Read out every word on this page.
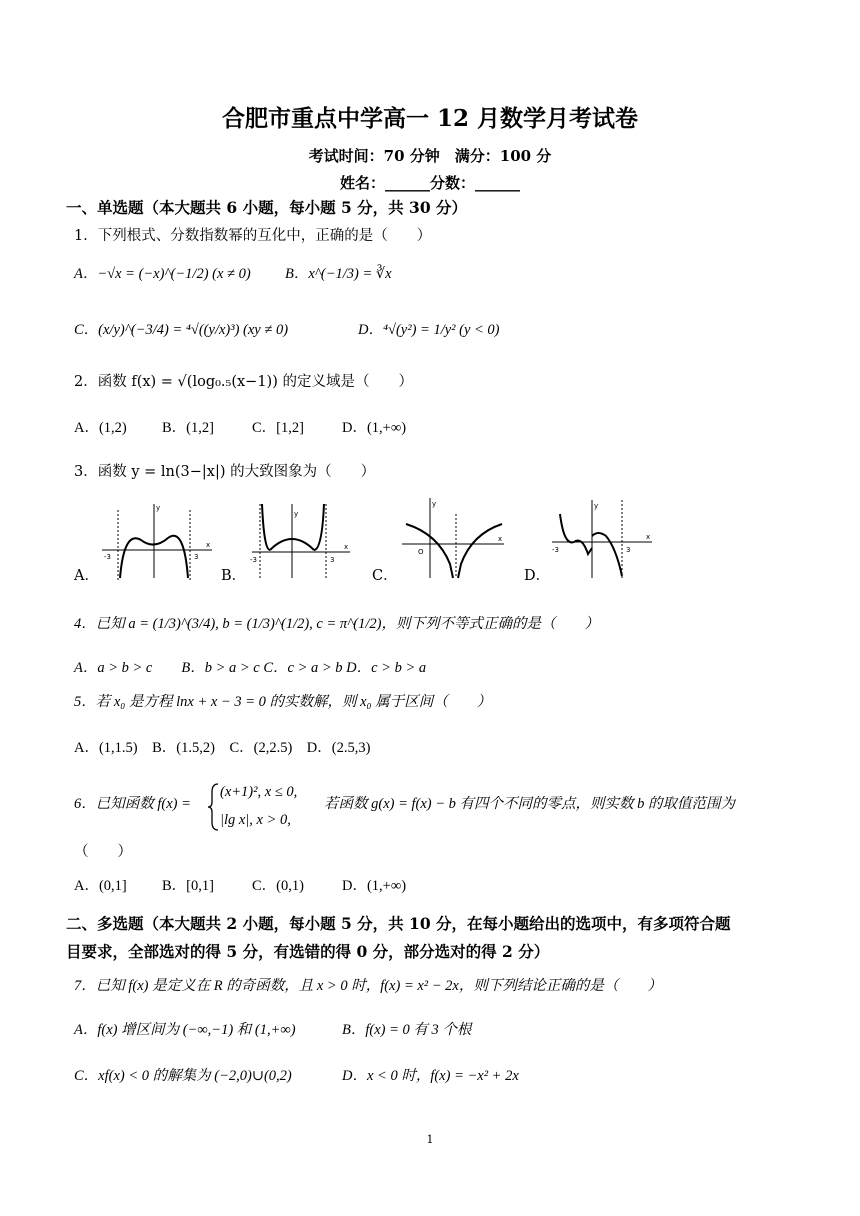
合肥市重点中学高一 12 月数学月考试卷
考试时间：70 分钟　满分：100 分
姓名：______分数：______
一、单选题（本大题共 6 小题，每小题 5 分，共 30 分）
1．下列根式、分数指数幂的互化中，正确的是（　　）
A．−√x = (−x)^(−1/2) (x ≠ 0) B．x^(−1/3) = ∛x
C．(x/y)^(−3/4) = ⁴√((y/x)³) (xy ≠ 0)	D．⁴√(y²) = 1/y² (y < 0)
2．函数 f(x) = √(log₀.₅(x−1)) 的定义域是（　　）
A．(1,2) B．(1,2]	C．[1,2]	D．(1,+∞)
3．函数 y = ln(3−|x|) 的大致图象为（　　）
A．
-3	3
y
x
B．
-3	3
y
x
C．
O
y
x
D．
-3	3
y
x
4．已知 a = (1/3)^(3/4), b = (1/3)^(1/2), c = π^(1/2)，则下列不等式正确的是（　　）
A．a > b > c　　B．b > a > c C．c > a > b D．c > b > a
5．若 x₀ 是方程 lnx + x − 3 = 0 的实数解，则 x₀ 属于区间（　　）
A．(1,1.5)　B．(1.5,2)　C．(2,2.5)　D．(2.5,3)
6．已知函数 f(x) =
(x+1)², x ≤ 0,
|lg x|, x > 0,
若函数 g(x) = f(x) − b 有四个不同的零点，则实数 b 的取值范围为
（　　）
A．(0,1] B．[0,1]	C．(0,1)	D．(1,+∞)
二、多选题（本大题共 2 小题，每小题 5 分，共 10 分，在每小题给出的选项中，有多项符合题
目要求，全部选对的得 5 分，有选错的得 0 分，部分选对的得 2 分）
7．已知 f(x) 是定义在 R 的奇函数，且 x > 0 时，f(x) = x² − 2x，则下列结论正确的是（　　）
A．f(x) 增区间为 (−∞,−1) 和 (1,+∞)	B．f(x) = 0 有 3 个根
C．xf(x) < 0 的解集为 (−2,0)∪(0,2)	D．x < 0 时，f(x) = −x² + 2x
1
